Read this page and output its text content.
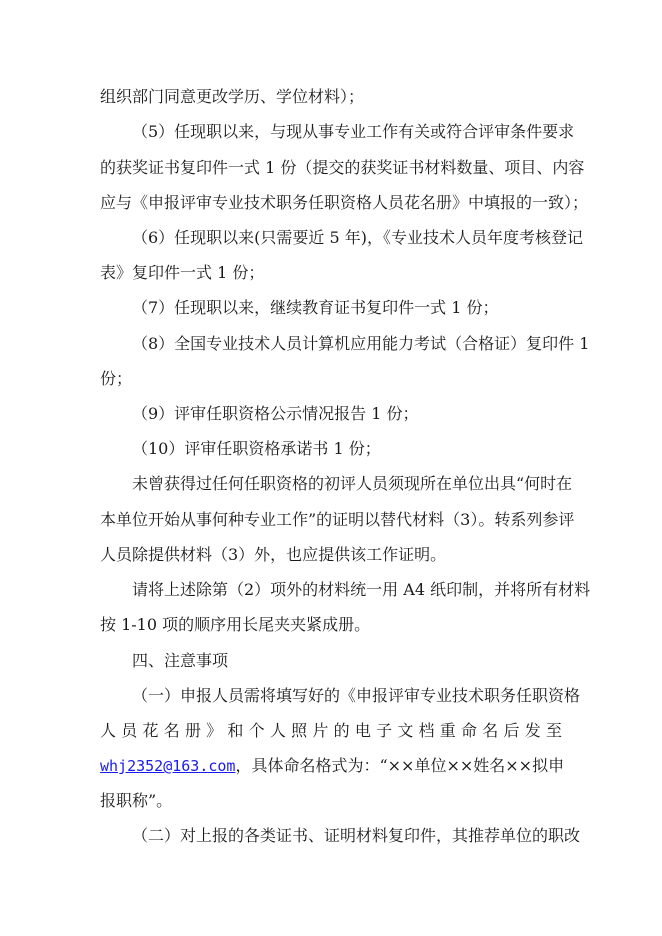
组织部门同意更改学历、学位材料）；
（5）任现职以来，与现从事专业工作有关或符合评审条件要求
的获奖证书复印件一式 1 份（提交的获奖证书材料数量、项目、内容
应与《申报评审专业技术职务任职资格人员花名册》中填报的一致）；
（6）任现职以来(只需要近 5 年)，《专业技术人员年度考核登记
表》复印件一式 1 份；
（7）任现职以来，继续教育证书复印件一式 1 份；
（8）全国专业技术人员计算机应用能力考试（合格证）复印件 1
份；
（9）评审任职资格公示情况报告 1 份；
（10）评审任职资格承诺书 1 份；
未曾获得过任何任职资格的初评人员须现所在单位出具“何时在
本单位开始从事何种专业工作”的证明以替代材料（3）。转系列参评
人员除提供材料（3）外，也应提供该工作证明。
请将上述除第（2）项外的材料统一用 A4 纸印制，并将所有材料
按 1-10 项的顺序用长尾夹夹紧成册。
四、注意事项
（一）申报人员需将填写好的《申报评审专业技术职务任职资格
人员花名册》和个人照片的电子文档重命名后发至
whj2352@163.com，具体命名格式为：“××单位××姓名××拟申
报职称”。
（二）对上报的各类证书、证明材料复印件，其推荐单位的职改
